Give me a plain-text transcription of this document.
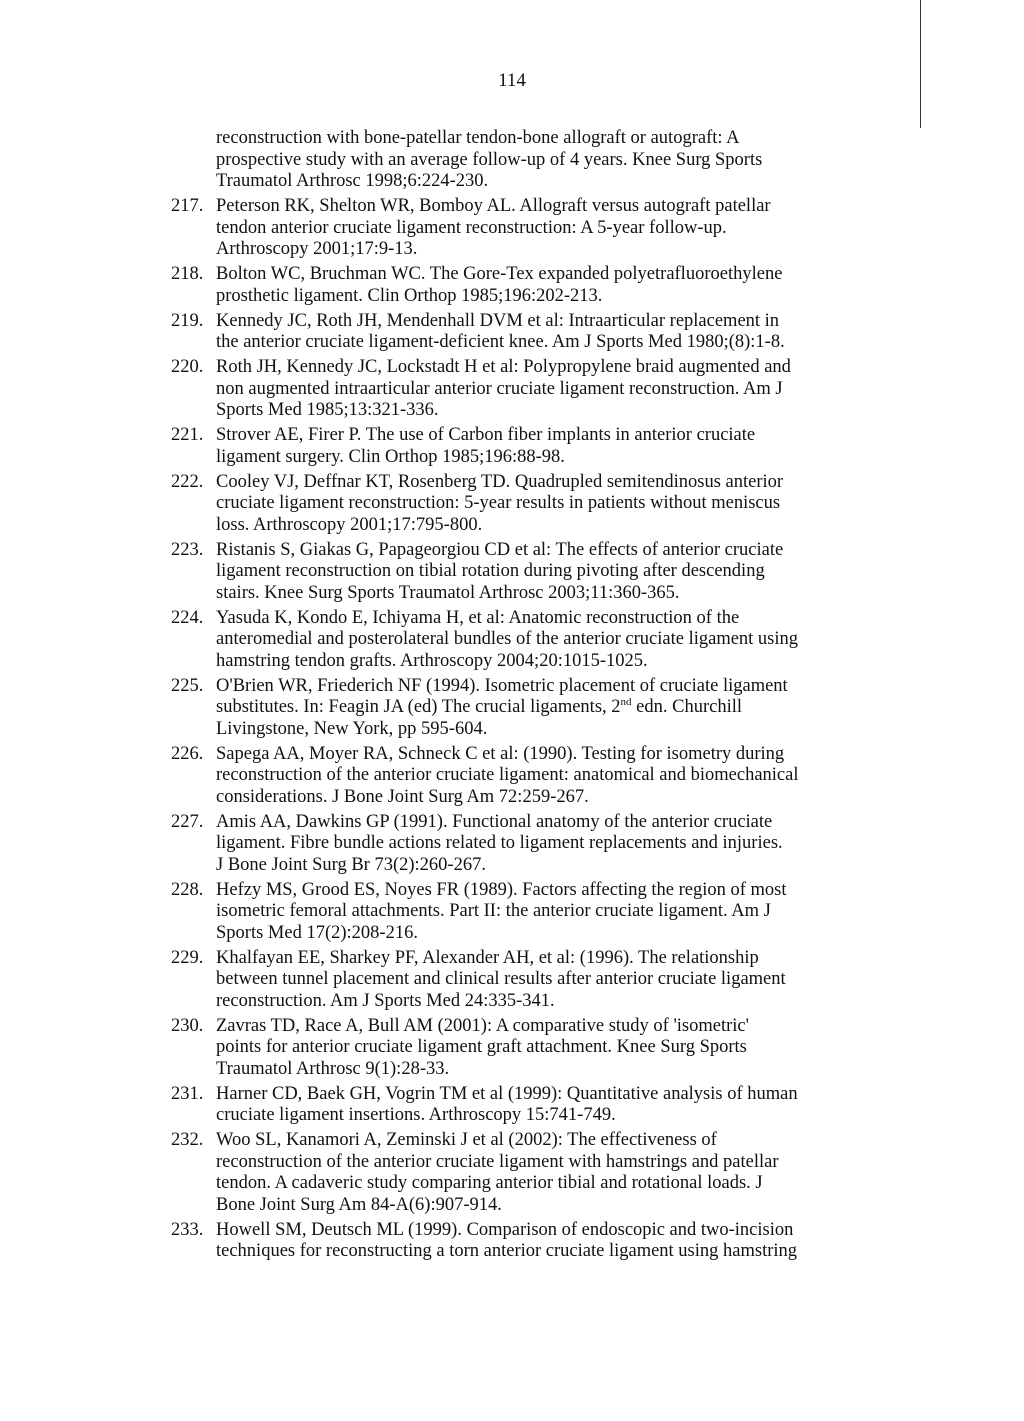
114
reconstruction with bone-patellar tendon-bone allograft or autograft: A
prospective study with an average follow-up of 4 years. Knee Surg Sports
Traumatol Arthrosc 1998;6:224-230.
217. Peterson RK, Shelton WR, Bomboy AL. Allograft versus autograft patellar
tendon anterior cruciate ligament reconstruction: A 5-year follow-up.
Arthroscopy 2001;17:9-13.
218. Bolton WC, Bruchman WC. The Gore-Tex expanded polyetrafluoroethylene
prosthetic ligament. Clin Orthop 1985;196:202-213.
219. Kennedy JC, Roth JH, Mendenhall DVM et al: Intraarticular replacement in
the anterior cruciate ligament-deficient knee. Am J Sports Med 1980;(8):1-8.
220. Roth JH, Kennedy JC, Lockstadt H et al: Polypropylene braid augmented and
non augmented intraarticular anterior cruciate ligament reconstruction. Am J
Sports Med 1985;13:321-336.
221. Strover AE, Firer P. The use of Carbon fiber implants in anterior cruciate
ligament surgery. Clin Orthop 1985;196:88-98.
222. Cooley VJ, Deffnar KT, Rosenberg TD. Quadrupled semitendinosus anterior
cruciate ligament reconstruction: 5-year results in patients without meniscus
loss. Arthroscopy 2001;17:795-800.
223. Ristanis S, Giakas G, Papageorgiou CD et al: The effects of anterior cruciate
ligament reconstruction on tibial rotation during pivoting after descending
stairs. Knee Surg Sports Traumatol Arthrosc 2003;11:360-365.
224. Yasuda K, Kondo E, Ichiyama H, et al: Anatomic reconstruction of the
anteromedial and posterolateral bundles of the anterior cruciate ligament using
hamstring tendon grafts. Arthroscopy 2004;20:1015-1025.
225. O'Brien WR, Friederich NF (1994). Isometric placement of cruciate ligament
substitutes. In: Feagin JA (ed) The crucial ligaments, 2nd edn. Churchill
Livingstone, New York, pp 595-604.
226. Sapega AA, Moyer RA, Schneck C et al: (1990). Testing for isometry during
reconstruction of the anterior cruciate ligament: anatomical and biomechanical
considerations. J Bone Joint Surg Am 72:259-267.
227. Amis AA, Dawkins GP (1991). Functional anatomy of the anterior cruciate
ligament. Fibre bundle actions related to ligament replacements and injuries.
J Bone Joint Surg Br 73(2):260-267.
228. Hefzy MS, Grood ES, Noyes FR (1989). Factors affecting the region of most
isometric femoral attachments. Part II: the anterior cruciate ligament. Am J
Sports Med 17(2):208-216.
229. Khalfayan EE, Sharkey PF, Alexander AH, et al: (1996). The relationship
between tunnel placement and clinical results after anterior cruciate ligament
reconstruction. Am J Sports Med 24:335-341.
230. Zavras TD, Race A, Bull AM (2001): A comparative study of 'isometric'
points for anterior cruciate ligament graft attachment. Knee Surg Sports
Traumatol Arthrosc 9(1):28-33.
231. Harner CD, Baek GH, Vogrin TM et al (1999): Quantitative analysis of human
cruciate ligament insertions. Arthroscopy 15:741-749.
232. Woo SL, Kanamori A, Zeminski J et al (2002): The effectiveness of
reconstruction of the anterior cruciate ligament with hamstrings and patellar
tendon. A cadaveric study comparing anterior tibial and rotational loads. J
Bone Joint Surg Am 84-A(6):907-914.
233. Howell SM, Deutsch ML (1999). Comparison of endoscopic and two-incision
techniques for reconstructing a torn anterior cruciate ligament using hamstring
